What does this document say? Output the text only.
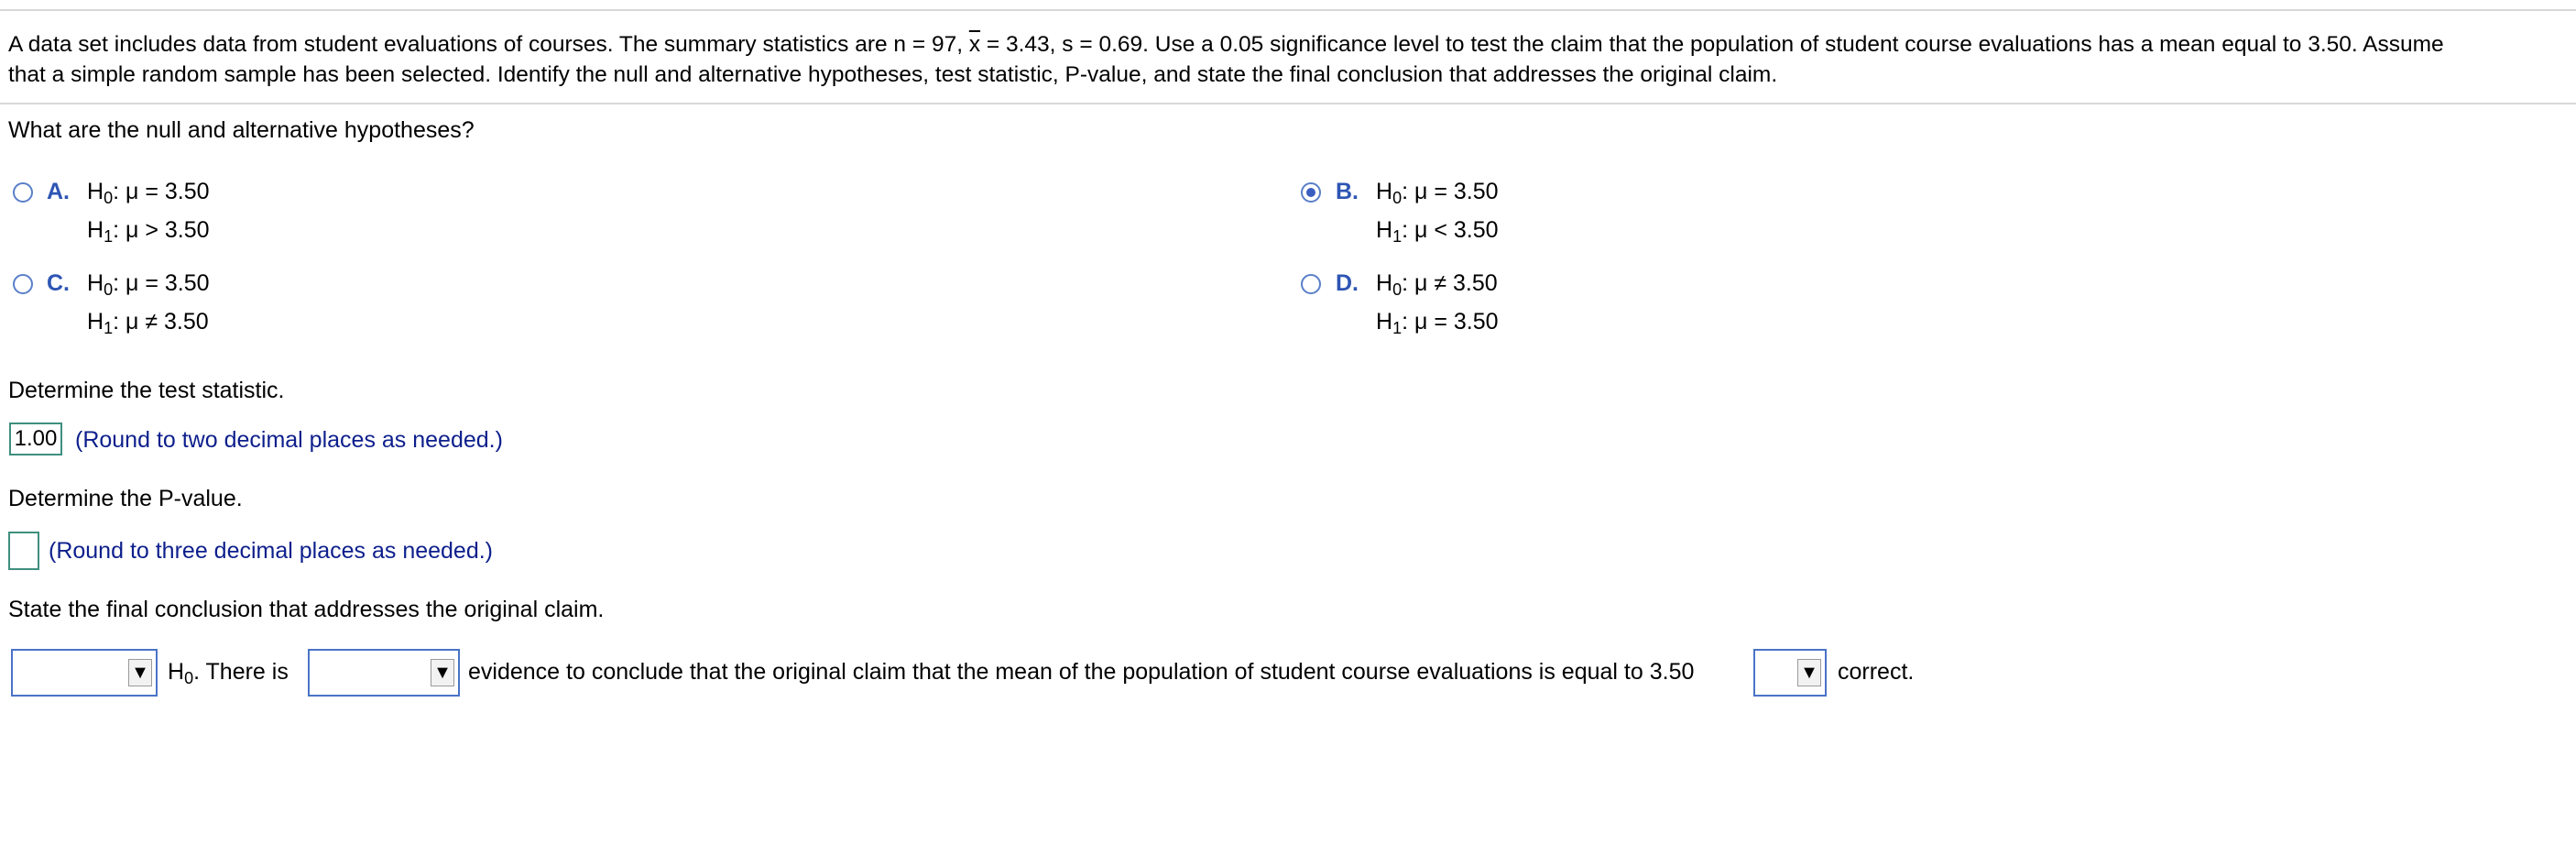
A data set includes data from student evaluations of courses. The summary statistics are n = 97, $\overline{x} = 3.43$, s = 0.69. Use a 0.05 significance level to test the claim that the population of student course evaluations has a mean equal to 3.50. Assume
that a simple random sample has been selected. Identify the null and alternative hypotheses, test statistic, P-value, and state the final conclusion that addresses the original claim.
What are the null and alternative hypotheses?
A. $H_0$: μ = 3.50
$H_1$: μ > 3.50
B. $H_0$: μ = 3.50
$H_1$: μ < 3.50
C. $H_0$: μ = 3.50
$H_1$: μ ≠ 3.50
D. $H_0$: μ ≠ 3.50
$H_1$: μ = 3.50
Determine the test statistic.
1.00 (Round to two decimal places as needed.)
Determine the P-value.
(Round to three decimal places as needed.)
State the final conclusion that addresses the original claim.
▼ $H_0$. There is	▼ evidence to conclude that the original claim that the mean of the population of student course evaluations is equal to 3.50	▼ correct.
